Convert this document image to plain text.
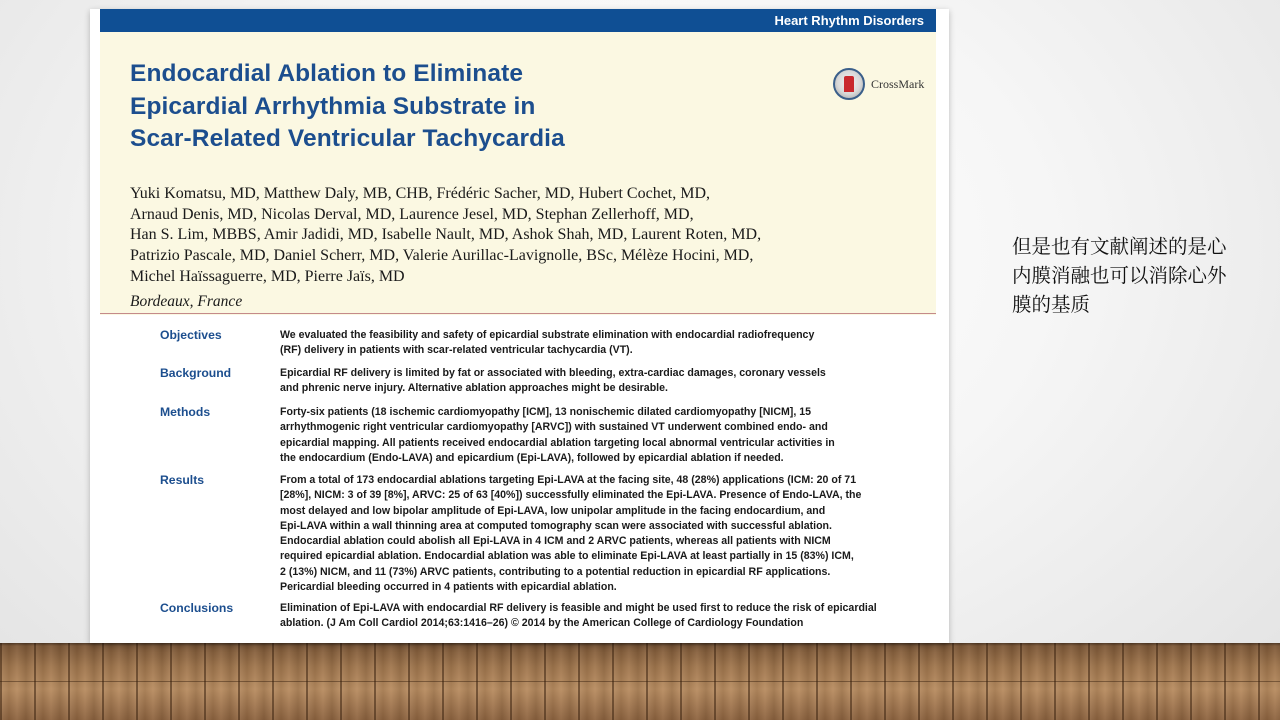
Heart Rhythm Disorders
Endocardial Ablation to Eliminate
Epicardial Arrhythmia Substrate in
Scar-Related Ventricular Tachycardia
CrossMark
Yuki Komatsu, MD, Matthew Daly, MB, CHB, Frédéric Sacher, MD, Hubert Cochet, MD,
Arnaud Denis, MD, Nicolas Derval, MD, Laurence Jesel, MD, Stephan Zellerhoff, MD,
Han S. Lim, MBBS, Amir Jadidi, MD, Isabelle Nault, MD, Ashok Shah, MD, Laurent Roten, MD,
Patrizio Pascale, MD, Daniel Scherr, MD, Valerie Aurillac-Lavignolle, BSc, Mélèze Hocini, MD,
Michel Haïssaguerre, MD, Pierre Jaïs, MD
Bordeaux, France
Objectives	We evaluated the feasibility and safety of epicardial substrate elimination with endocardial radiofrequency
(RF) delivery in patients with scar-related ventricular tachycardia (VT).
Background	Epicardial RF delivery is limited by fat or associated with bleeding, extra-cardiac damages, coronary vessels
and phrenic nerve injury. Alternative ablation approaches might be desirable.
Methods	Forty-six patients (18 ischemic cardiomyopathy [ICM], 13 nonischemic dilated cardiomyopathy [NICM], 15
arrhythmogenic right ventricular cardiomyopathy [ARVC]) with sustained VT underwent combined endo- and
epicardial mapping. All patients received endocardial ablation targeting local abnormal ventricular activities in
the endocardium (Endo-LAVA) and epicardium (Epi-LAVA), followed by epicardial ablation if needed.
Results	From a total of 173 endocardial ablations targeting Epi-LAVA at the facing site, 48 (28%) applications (ICM: 20 of 71
[28%], NICM: 3 of 39 [8%], ARVC: 25 of 63 [40%]) successfully eliminated the Epi-LAVA. Presence of Endo-LAVA, the
most delayed and low bipolar amplitude of Epi-LAVA, low unipolar amplitude in the facing endocardium, and
Epi-LAVA within a wall thinning area at computed tomography scan were associated with successful ablation.
Endocardial ablation could abolish all Epi-LAVA in 4 ICM and 2 ARVC patients, whereas all patients with NICM
required epicardial ablation. Endocardial ablation was able to eliminate Epi-LAVA at least partially in 15 (83%) ICM,
2 (13%) NICM, and 11 (73%) ARVC patients, contributing to a potential reduction in epicardial RF applications.
Pericardial bleeding occurred in 4 patients with epicardial ablation.
Conclusions	Elimination of Epi-LAVA with endocardial RF delivery is feasible and might be used first to reduce the risk of epicardial
ablation. (J Am Coll Cardiol 2014;63:1416–26) © 2014 by the American College of Cardiology Foundation
但是也有文献阐述的是心内膜消融也可以消除心外膜的基质
